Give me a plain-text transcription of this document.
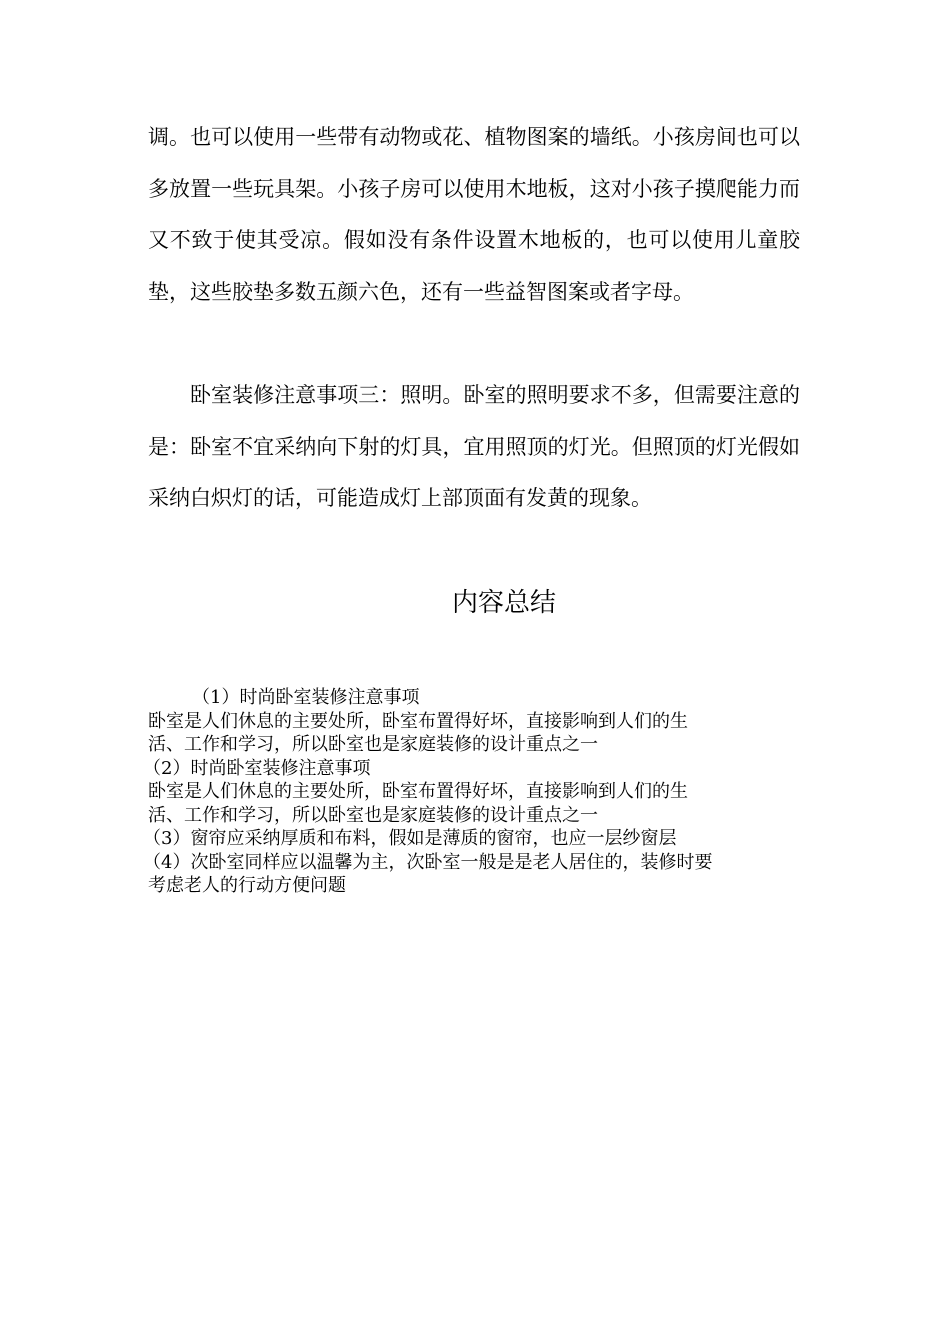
调。也可以使用一些带有动物或花、植物图案的墙纸。小孩房间也可以多放置一些玩具架。小孩子房可以使用木地板，这对小孩子摸爬能力而又不致于使其受凉。假如没有条件设置木地板的，也可以使用儿童胶垫，这些胶垫多数五颜六色，还有一些益智图案或者字母。

卧室装修注意事项三：照明。卧室的照明要求不多，但需要注意的是：卧室不宜采纳向下射的灯具，宜用照顶的灯光。但照顶的灯光假如采纳白炽灯的话，可能造成灯上部顶面有发黄的现象。

内容总结
（1）时尚卧室装修注意事项
卧室是人们休息的主要处所，卧室布置得好坏，直接影响到人们的生
活、工作和学习，所以卧室也是家庭装修的设计重点之一
（2）时尚卧室装修注意事项
卧室是人们休息的主要处所，卧室布置得好坏，直接影响到人们的生
活、工作和学习，所以卧室也是家庭装修的设计重点之一
（3）窗帘应采纳厚质和布料，假如是薄质的窗帘，也应一层纱窗层
（4）次卧室同样应以温馨为主，次卧室一般是是老人居住的，装修时要
考虑老人的行动方便问题
